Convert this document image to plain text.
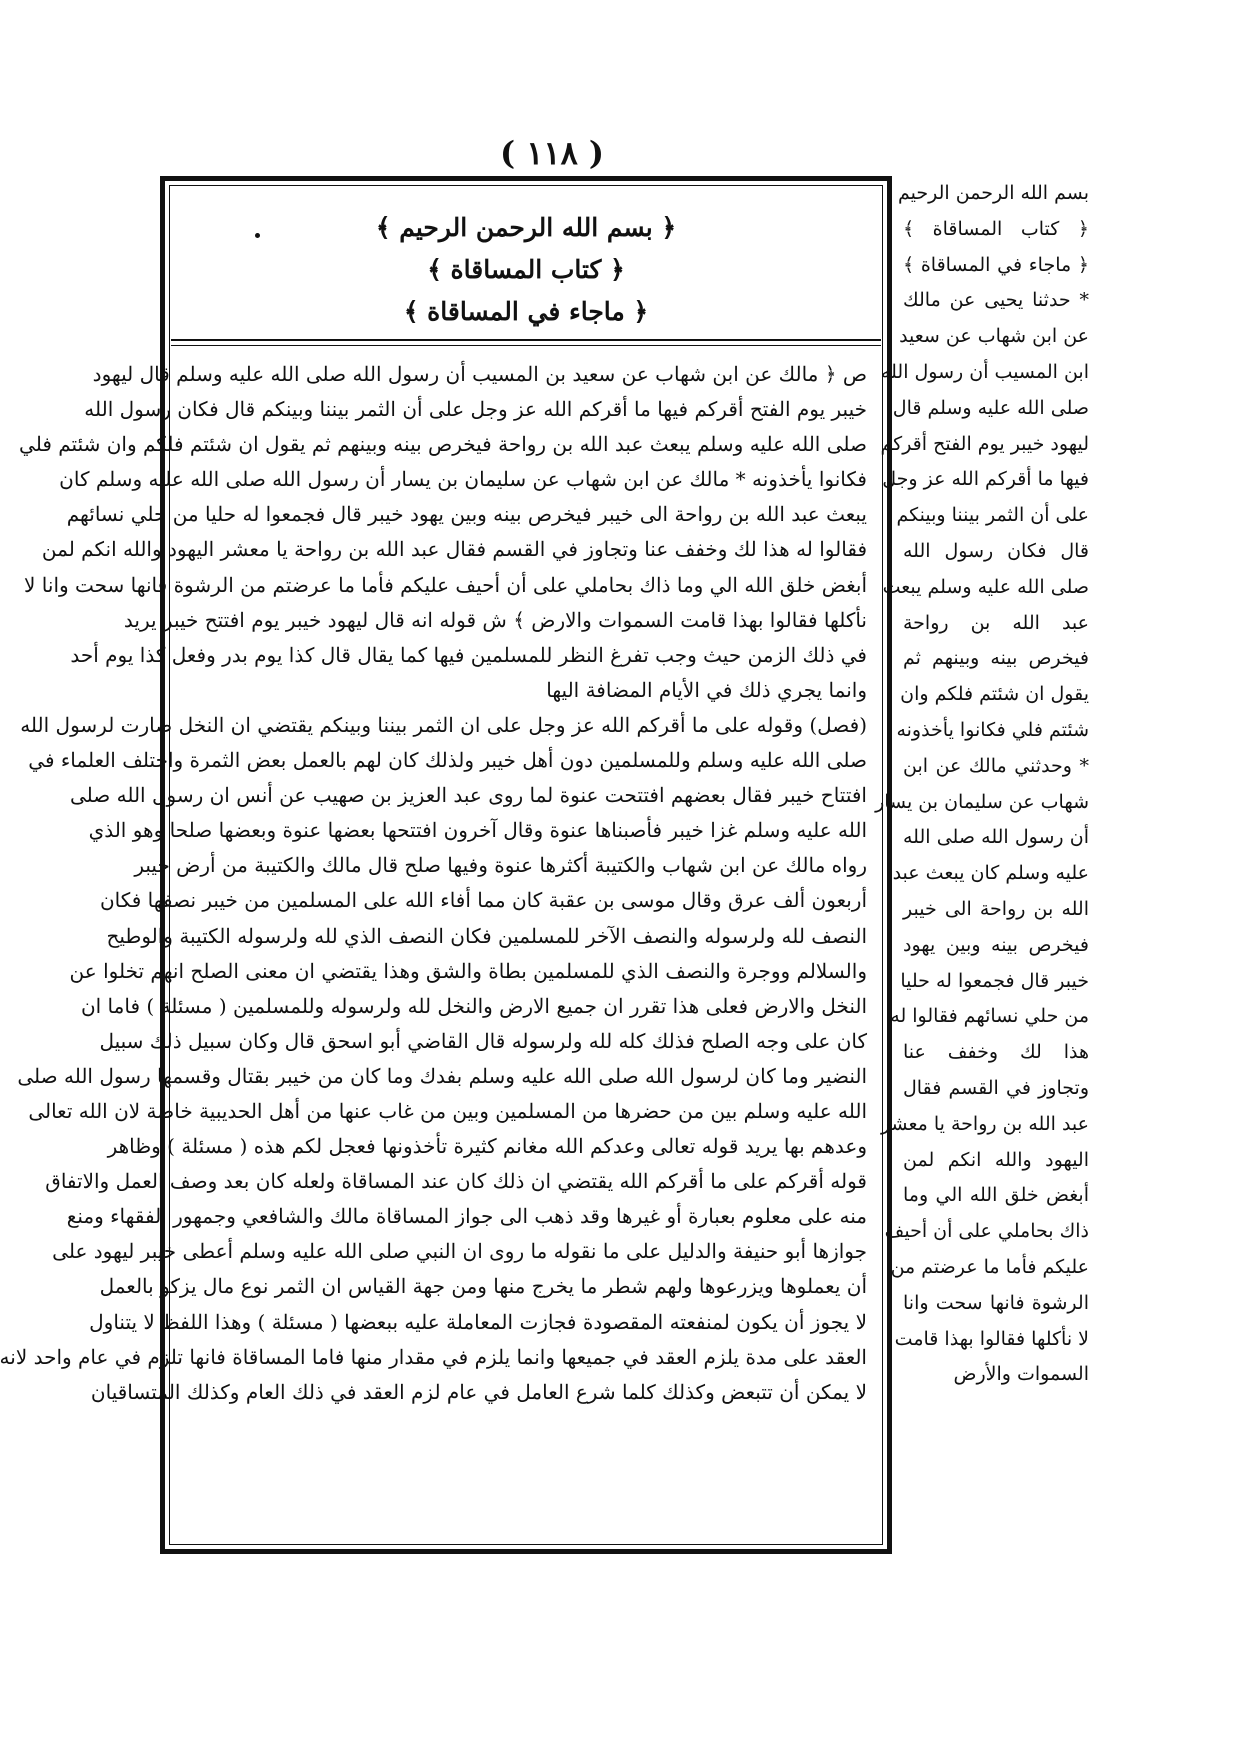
( ١١٨ )
﴿ بسم الله الرحمن الرحيم ﴾
﴿ كتاب المساقاة ﴾
﴿ ماجاء في المساقاة ﴾
ص ﴿ مالك عن ابن شهاب عن سعيد بن المسيب أن رسول الله صلى الله عليه وسلم قال ليهود
خيبر يوم الفتح أقركم فيها ما أقركم الله عز وجل على أن الثمر بيننا وبينكم قال فكان رسول الله
صلى الله عليه وسلم يبعث عبد الله بن رواحة فيخرص بينه وبينهم ثم يقول ان شئتم فلكم وان شئتم فلي
فكانوا يأخذونه * مالك عن ابن شهاب عن سليمان بن يسار أن رسول الله صلى الله عليه وسلم كان
يبعث عبد الله بن رواحة الى خيبر فيخرص بينه وبين يهود خيبر قال فجمعوا له حليا من حلي نسائهم
فقالوا له هذا لك وخفف عنا وتجاوز في القسم فقال عبد الله بن رواحة يا معشر اليهود والله انكم لمن
أبغض خلق الله الي وما ذاك بحاملي على أن أحيف عليكم فأما ما عرضتم من الرشوة فانها سحت وانا لا
نأكلها فقالوا بهذا قامت السموات والارض ﴾ ش قوله انه قال ليهود خيبر يوم افتتح خيبر يريد
في ذلك الزمن حيث وجب تفرغ النظر للمسلمين فيها كما يقال قال كذا يوم بدر وفعل كذا يوم أحد
وانما يجري ذلك في الأيام المضافة اليها
(فصل) وقوله على ما أقركم الله عز وجل على ان الثمر بيننا وبينكم يقتضي ان النخل صارت لرسول الله
صلى الله عليه وسلم وللمسلمين دون أهل خيبر ولذلك كان لهم بالعمل بعض الثمرة واختلف العلماء في
افتتاح خيبر فقال بعضهم افتتحت عنوة لما روى عبد العزيز بن صهيب عن أنس ان رسول الله صلى
الله عليه وسلم غزا خيبر فأصبناها عنوة وقال آخرون افتتحها بعضها عنوة وبعضها صلحا وهو الذي
رواه مالك عن ابن شهاب والكتيبة أكثرها عنوة وفيها صلح قال مالك والكتيبة من أرض خيبر
أربعون ألف عرق وقال موسى بن عقبة كان مما أفاء الله على المسلمين من خيبر نصفها فكان
النصف لله ولرسوله والنصف الآخر للمسلمين فكان النصف الذي لله ولرسوله الكتيبة والوطيح
والسلالم ووجرة والنصف الذي للمسلمين بطاة والشق وهذا يقتضي ان معنى الصلح انهم تخلوا عن
النخل والارض فعلى هذا تقرر ان جميع الارض والنخل لله ولرسوله وللمسلمين ( مسئلة ) فاما ان
كان على وجه الصلح فذلك كله لله ولرسوله قال القاضي أبو اسحق قال وكان سبيل ذلك سبيل
النضير وما كان لرسول الله صلى الله عليه وسلم بفدك وما كان من خيبر بقتال وقسمها رسول الله صلى
الله عليه وسلم بين من حضرها من المسلمين وبين من غاب عنها من أهل الحديبية خاصة لان الله تعالى
وعدهم بها يريد قوله تعالى وعدكم الله مغانم كثيرة تأخذونها فعجل لكم هذه ( مسئلة ) وظاهر
قوله أقركم على ما أقركم الله يقتضي ان ذلك كان عند المساقاة ولعله كان بعد وصف العمل والاتفاق
منه على معلوم بعبارة أو غيرها وقد ذهب الى جواز المساقاة مالك والشافعي وجمهور الفقهاء ومنع
جوازها أبو حنيفة والدليل على ما نقوله ما روى ان النبي صلى الله عليه وسلم أعطى خيبر ليهود على
أن يعملوها ويزرعوها ولهم شطر ما يخرج منها ومن جهة القياس ان الثمر نوع مال يزكو بالعمل
لا يجوز أن يكون لمنفعته المقصودة فجازت المعاملة عليه ببعضها ( مسئلة ) وهذا اللفظ لا يتناول
العقد على مدة يلزم العقد في جميعها وانما يلزم في مقدار منها فاما المساقاة فانها تلزم في عام واحد لانه
لا يمكن أن تتبعض وكذلك كلما شرع العامل في عام لزم العقد في ذلك العام وكذلك المتساقيان
بسم الله الرحمن الرحيم
﴿ كتاب المساقاة ﴾
﴿ ماجاء في المساقاة ﴾
* حدثنا يحيى عن مالك
عن ابن شهاب عن سعيد
ابن المسيب أن رسول الله
صلى الله عليه وسلم قال
ليهود خيبر يوم الفتح أقركم
فيها ما أقركم الله عز وجل
على أن الثمر بيننا وبينكم
قال فكان رسول الله
صلى الله عليه وسلم يبعث
عبد الله بن رواحة
فيخرص بينه وبينهم ثم
يقول ان شئتم فلكم وان
شئتم فلي فكانوا يأخذونه
* وحدثني مالك عن ابن
شهاب عن سليمان بن يسار
أن رسول الله صلى الله
عليه وسلم كان يبعث عبد
الله بن رواحة الى خيبر
فيخرص بينه وبين يهود
خيبر قال فجمعوا له حليا
من حلي نسائهم فقالوا له
هذا لك وخفف عنا
وتجاوز في القسم فقال
عبد الله بن رواحة يا معشر
اليهود والله انكم لمن
أبغض خلق الله الي وما
ذاك بحاملي على أن أحيف
عليكم فأما ما عرضتم من
الرشوة فانها سحت وانا
لا نأكلها فقالوا بهذا قامت
السموات والأرض
